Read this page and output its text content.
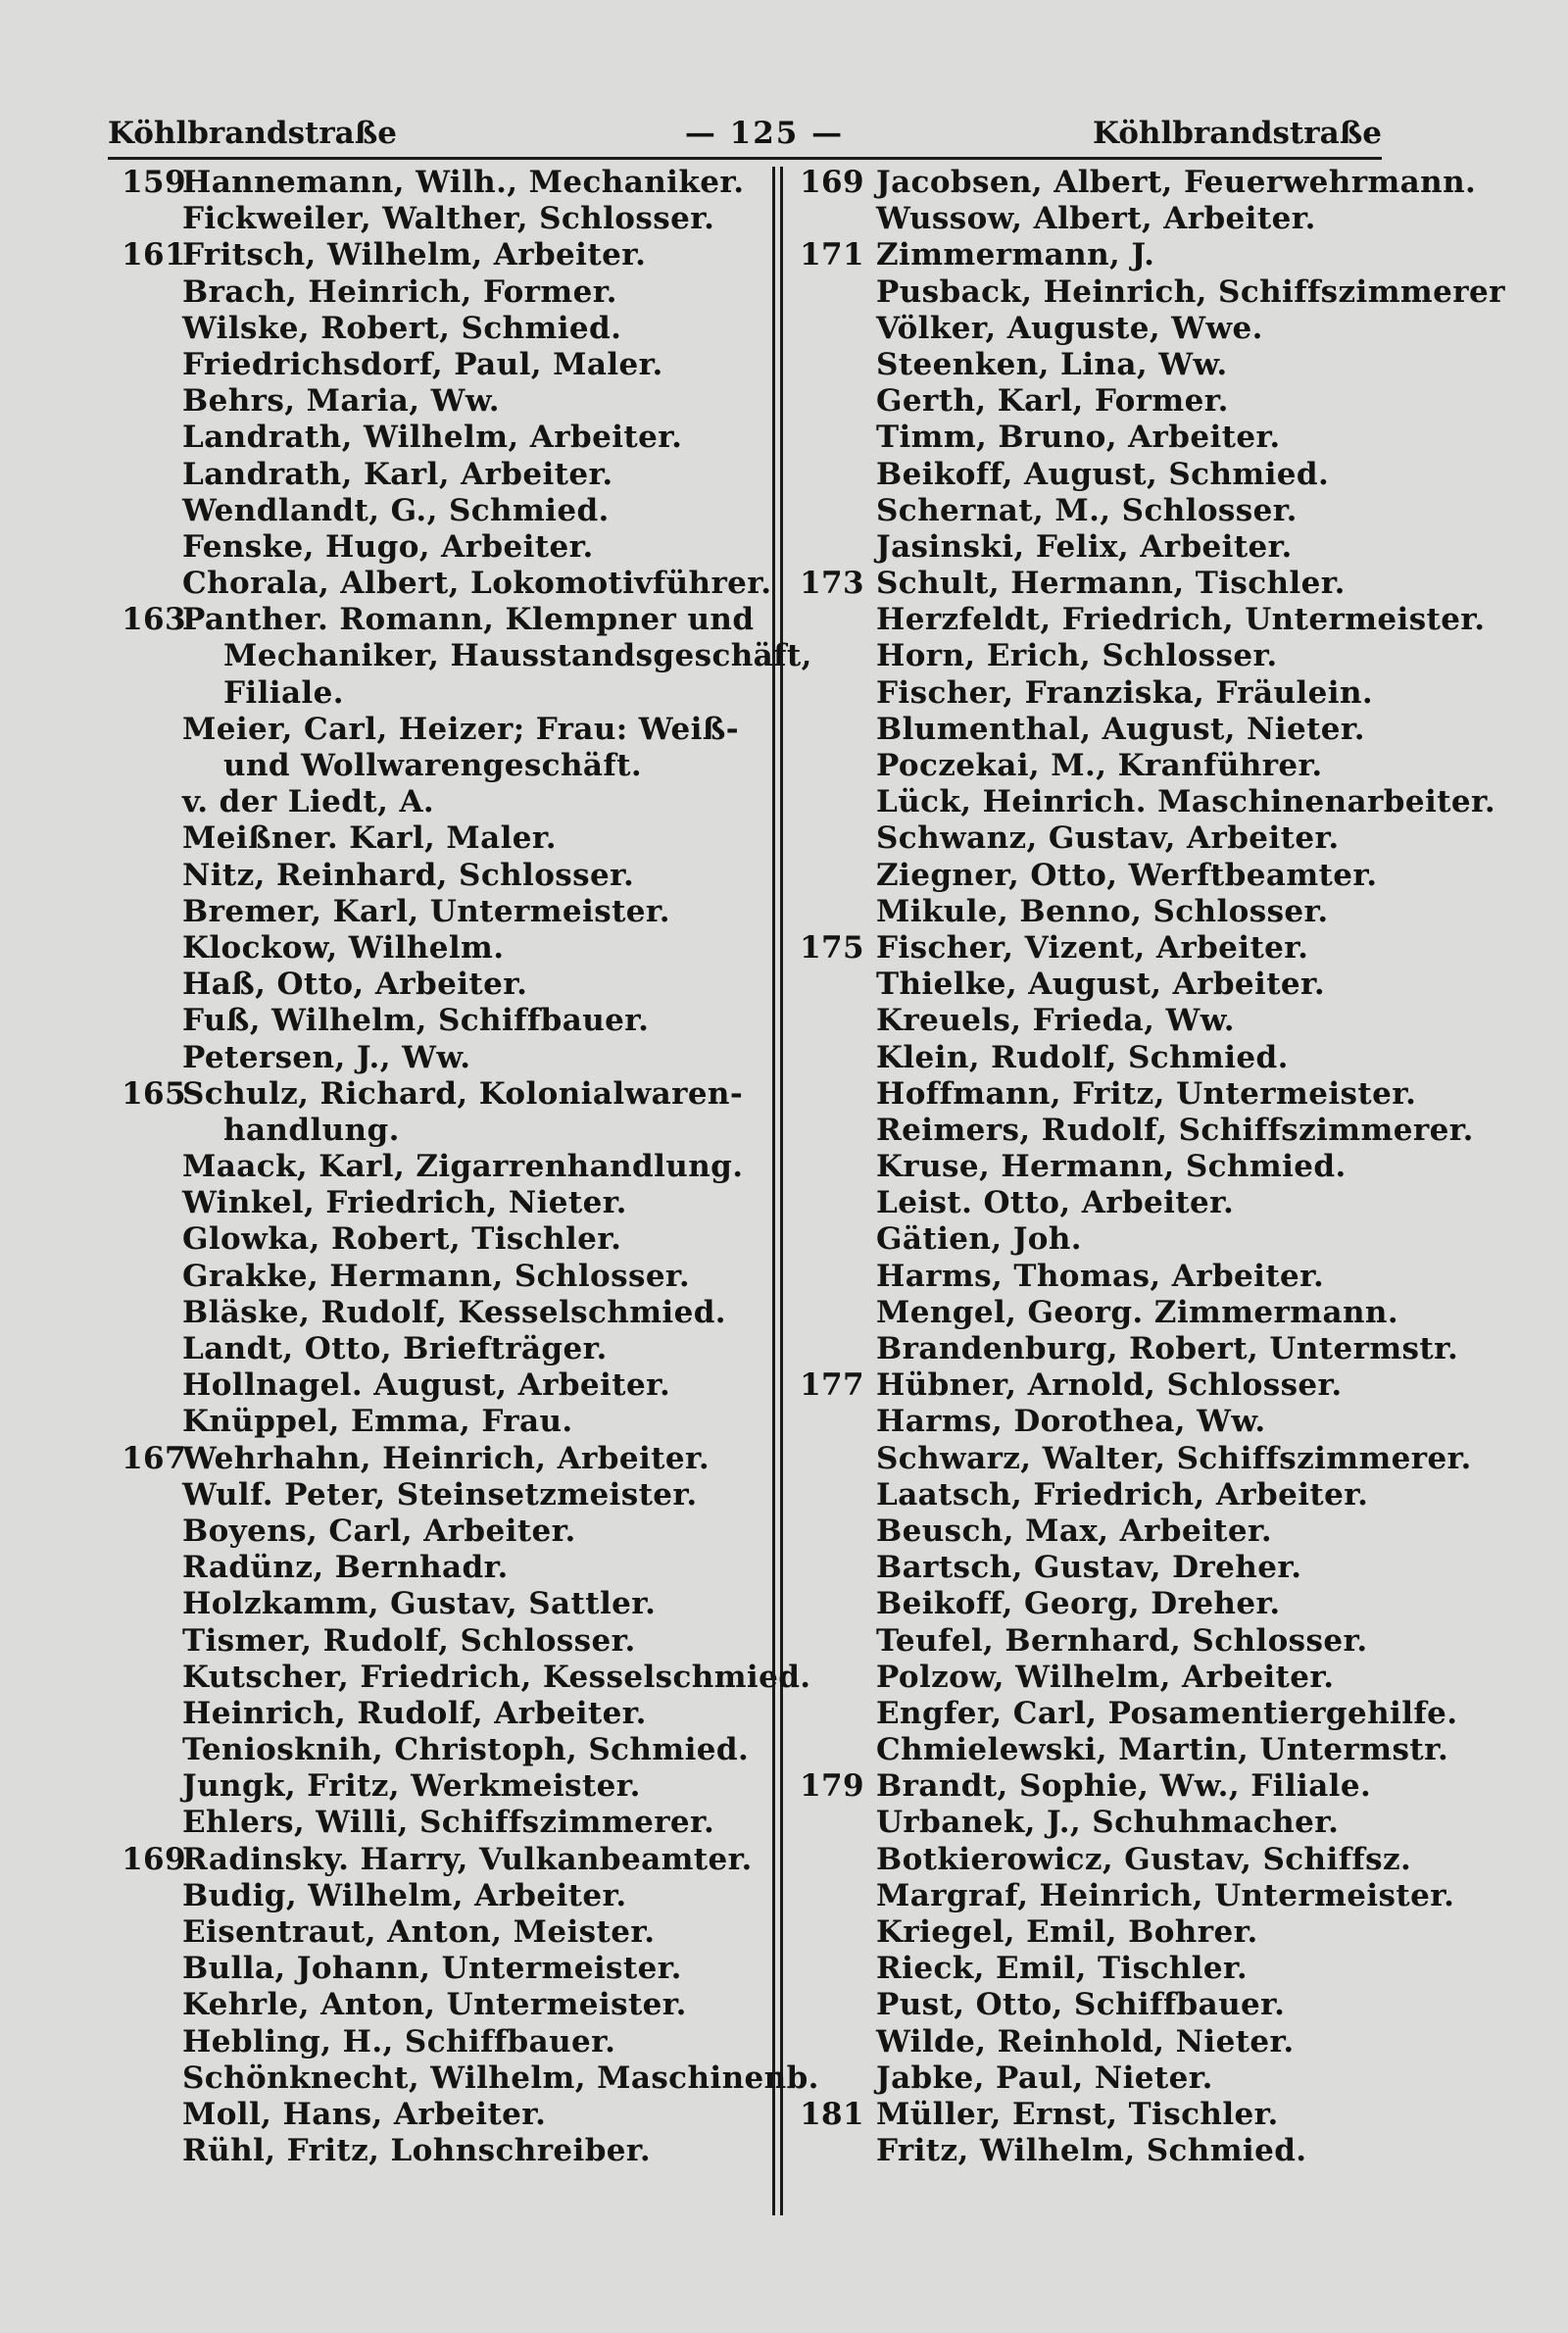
Köhlbrandstraße	— 125 —	Köhlbrandstraße
159
Hannemann, Wilh., Mechaniker.
Fickweiler, Walther, Schlosser.
161
Fritsch, Wilhelm, Arbeiter.
Brach, Heinrich, Former.
Wilske, Robert, Schmied.
Friedrichsdorf, Paul, Maler.
Behrs, Maria, Ww.
Landrath, Wilhelm, Arbeiter.
Landrath, Karl, Arbeiter.
Wendlandt, G., Schmied.
Fenske, Hugo, Arbeiter.
Chorala, Albert, Lokomotivführer.
163
Panther. Romann, Klempner und
Mechaniker, Hausstandsgeschäft,
Filiale.
Meier, Carl, Heizer; Frau: Weiß-
und Wollwarengeschäft.
v. der Liedt, A.
Meißner. Karl, Maler.
Nitz, Reinhard, Schlosser.
Bremer, Karl, Untermeister.
Klockow, Wilhelm.
Haß, Otto, Arbeiter.
Fuß, Wilhelm, Schiffbauer.
Petersen, J., Ww.
165
Schulz, Richard, Kolonialwaren-
handlung.
Maack, Karl, Zigarrenhandlung.
Winkel, Friedrich, Nieter.
Glowka, Robert, Tischler.
Grakke, Hermann, Schlosser.
Bläske, Rudolf, Kesselschmied.
Landt, Otto, Briefträger.
Hollnagel. August, Arbeiter.
Knüppel, Emma, Frau.
167
Wehrhahn, Heinrich, Arbeiter.
Wulf. Peter, Steinsetzmeister.
Boyens, Carl, Arbeiter.
Radünz, Bernhadr.
Holzkamm, Gustav, Sattler.
Tismer, Rudolf, Schlosser.
Kutscher, Friedrich, Kesselschmied.
Heinrich, Rudolf, Arbeiter.
Teniosknih, Christoph, Schmied.
Jungk, Fritz, Werkmeister.
Ehlers, Willi, Schiffszimmerer.
169
Radinsky. Harry, Vulkanbeamter.
Budig, Wilhelm, Arbeiter.
Eisentraut, Anton, Meister.
Bulla, Johann, Untermeister.
Kehrle, Anton, Untermeister.
Hebling, H., Schiffbauer.
Schönknecht, Wilhelm, Maschinenb.
Moll, Hans, Arbeiter.
Rühl, Fritz, Lohnschreiber.
169 Jacobsen, Albert, Feuerwehrmann.
Wussow, Albert, Arbeiter.
171 Zimmermann, J.
Pusback, Heinrich, Schiffszimmerer
Völker, Auguste, Wwe.
Steenken, Lina, Ww.
Gerth, Karl, Former.
Timm, Bruno, Arbeiter.
Beikoff, August, Schmied.
Schernat, M., Schlosser.
Jasinski, Felix, Arbeiter.
173 Schult, Hermann, Tischler.
Herzfeldt, Friedrich, Untermeister.
Horn, Erich, Schlosser.
Fischer, Franziska, Fräulein.
Blumenthal, August, Nieter.
Poczekai, M., Kranführer.
Lück, Heinrich. Maschinenarbeiter.
Schwanz, Gustav, Arbeiter.
Ziegner, Otto, Werftbeamter.
Mikule, Benno, Schlosser.
175 Fischer, Vizent, Arbeiter.
Thielke, August, Arbeiter.
Kreuels, Frieda, Ww.
Klein, Rudolf, Schmied.
Hoffmann, Fritz, Untermeister.
Reimers, Rudolf, Schiffszimmerer.
Kruse, Hermann, Schmied.
Leist. Otto, Arbeiter.
Gätien, Joh.
Harms, Thomas, Arbeiter.
Mengel, Georg. Zimmermann.
Brandenburg, Robert, Untermstr.
177 Hübner, Arnold, Schlosser.
Harms, Dorothea, Ww.
Schwarz, Walter, Schiffszimmerer.
Laatsch, Friedrich, Arbeiter.
Beusch, Max, Arbeiter.
Bartsch, Gustav, Dreher.
Beikoff, Georg, Dreher.
Teufel, Bernhard, Schlosser.
Polzow, Wilhelm, Arbeiter.
Engfer, Carl, Posamentiergehilfe.
Chmielewski, Martin, Untermstr.
179 Brandt, Sophie, Ww., Filiale.
Urbanek, J., Schuhmacher.
Botkierowicz, Gustav, Schiffsz.
Margraf, Heinrich, Untermeister.
Kriegel, Emil, Bohrer.
Rieck, Emil, Tischler.
Pust, Otto, Schiffbauer.
Wilde, Reinhold, Nieter.
Jabke, Paul, Nieter.
181 Müller, Ernst, Tischler.
Fritz, Wilhelm, Schmied.
